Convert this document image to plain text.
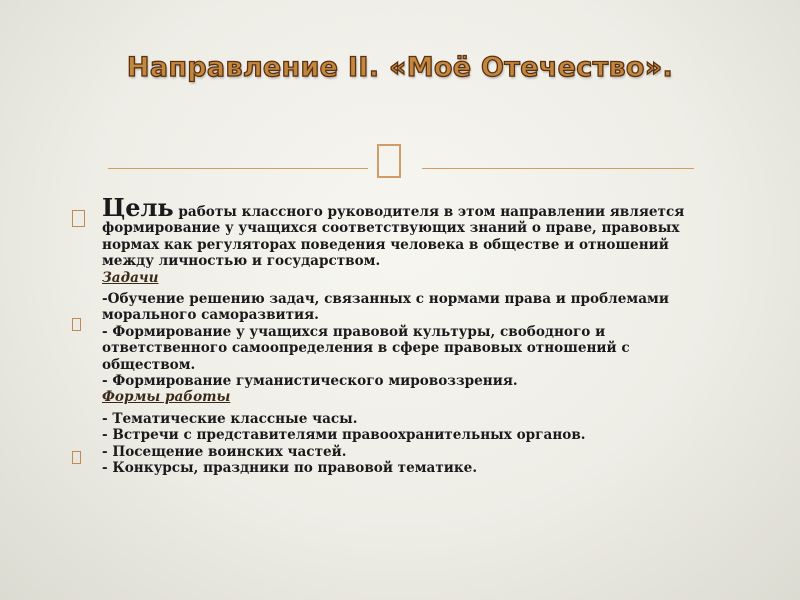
Направление II. «Моё Отечество».

Цель работы классного руководителя в этом направлении является

формирование у учащихся соответствующих знаний о праве, правовых

нормах как регуляторах поведения человека в обществе и отношений

между личностью и государством.

Задачи

-Обучение решению задач, связанных с нормами права и проблемами

морального саморазвития.

- Формирование у учащихся правовой культуры, свободного и

ответственного самоопределения в сфере правовых отношений с

обществом.

- Формирование гуманистического мировоззрения.

Формы работы

- Тематические классные часы.

- Встречи с представителями правоохранительных органов.

- Посещение воинских частей.

- Конкурсы, праздники по правовой тематике.
